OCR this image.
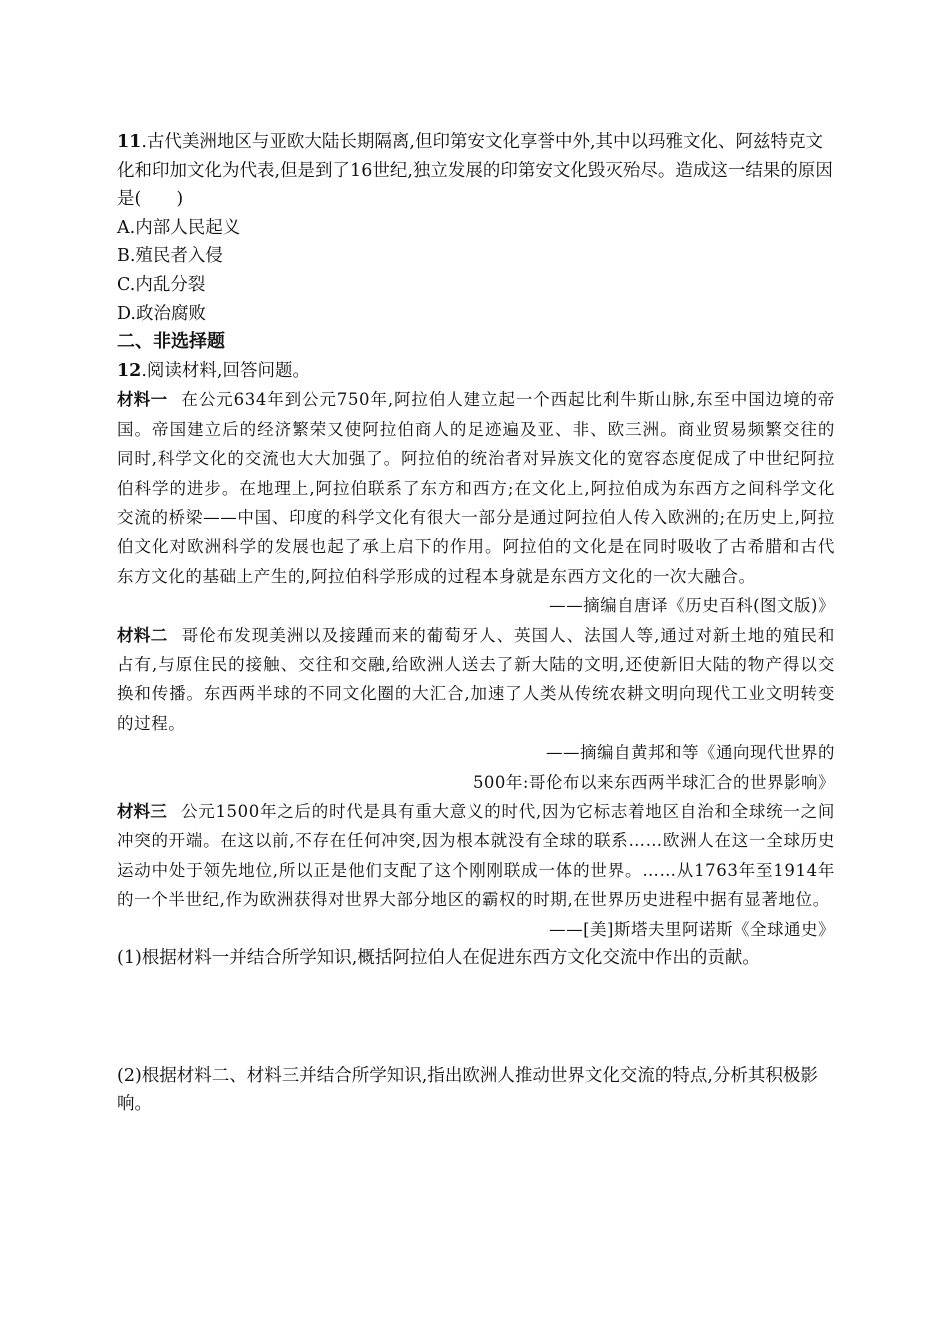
11.古代美洲地区与亚欧大陆长期隔离,但印第安文化享誉中外,其中以玛雅文化、阿兹特克文化和印加文化为代表,但是到了16世纪,独立发展的印第安文化毁灭殆尽。造成这一结果的原因是(　　)

A.内部人民起义

B.殖民者入侵

C.内乱分裂

D.政治腐败

二、非选择题

12.阅读材料,回答问题。

材料一 在公元634年到公元750年,阿拉伯人建立起一个西起比利牛斯山脉,东至中国边境的帝国。帝国建立后的经济繁荣又使阿拉伯商人的足迹遍及亚、非、欧三洲。商业贸易频繁交往的同时,科学文化的交流也大大加强了。阿拉伯的统治者对异族文化的宽容态度促成了中世纪阿拉伯科学的进步。在地理上,阿拉伯联系了东方和西方;在文化上,阿拉伯成为东西方之间科学文化交流的桥梁——中国、印度的科学文化有很大一部分是通过阿拉伯人传入欧洲的;在历史上,阿拉伯文化对欧洲科学的发展也起了承上启下的作用。阿拉伯的文化是在同时吸收了古希腊和古代东方文化的基础上产生的,阿拉伯科学形成的过程本身就是东西方文化的一次大融合。

——摘编自唐译《历史百科(图文版)》

材料二 哥伦布发现美洲以及接踵而来的葡萄牙人、英国人、法国人等,通过对新土地的殖民和占有,与原住民的接触、交往和交融,给欧洲人送去了新大陆的文明,还使新旧大陆的物产得以交换和传播。东西两半球的不同文化圈的大汇合,加速了人类从传统农耕文明向现代工业文明转变的过程。

——摘编自黄邦和等《通向现代世界的

500年:哥伦布以来东西两半球汇合的世界影响》

材料三 公元1500年之后的时代是具有重大意义的时代,因为它标志着地区自治和全球统一之间冲突的开端。在这以前,不存在任何冲突,因为根本就没有全球的联系……欧洲人在这一全球历史运动中处于领先地位,所以正是他们支配了这个刚刚联成一体的世界。……从1763年至1914年的一个半世纪,作为欧洲获得对世界大部分地区的霸权的时期,在世界历史进程中据有显著地位。

——[美]斯塔夫里阿诺斯《全球通史》

(1)根据材料一并结合所学知识,概括阿拉伯人在促进东西方文化交流中作出的贡献。

(2)根据材料二、材料三并结合所学知识,指出欧洲人推动世界文化交流的特点,分析其积极影响。
